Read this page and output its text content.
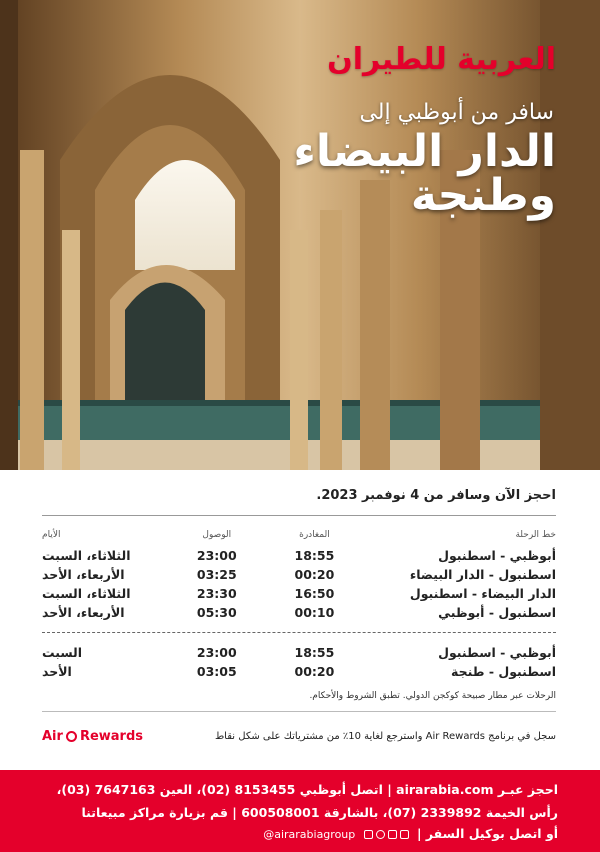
العربية للطيران
سافر من أبوظبي إلى
الدار البيضاء
وطنجة
احجز الآن وسافر من 4 نوفمبر 2023.
خط الرحلة	المغادرة	الوصول	الأيام
أبوظبي - اسطنبول	18:55	23:00	الثلاثاء، السبت
اسطنبول - الدار البيضاء	00:20	03:25	الأربعاء، الأحد
الدار البيضاء - اسطنبول	16:50	23:30	الثلاثاء، السبت
اسطنبول - أبوظبي	00:10	05:30	الأربعاء، الأحد
أبوظبي - اسطنبول	18:55	23:00	السبت
اسطنبول - طنجة	00:20	03:05	الأحد
الرحلات عبر مطار صبيحة كوكجن الدولي. تطبق الشروط والأحكام.
سجل في برنامج Air Rewards واسترجع لغاية 10٪ من مشترياتك على شكل نقاط
Air Rewards
احجز عبـر airarabia.com | اتصل أبوظبي 8153455 (02)، العين 7647163 (03)،
رأس الخيمة 2339892 (07)، بالشارقة 600508001 | قم بزيارة مراكز مبيعاتنا
أو اتصل بوكيل السفر |
@airarabiagroup
